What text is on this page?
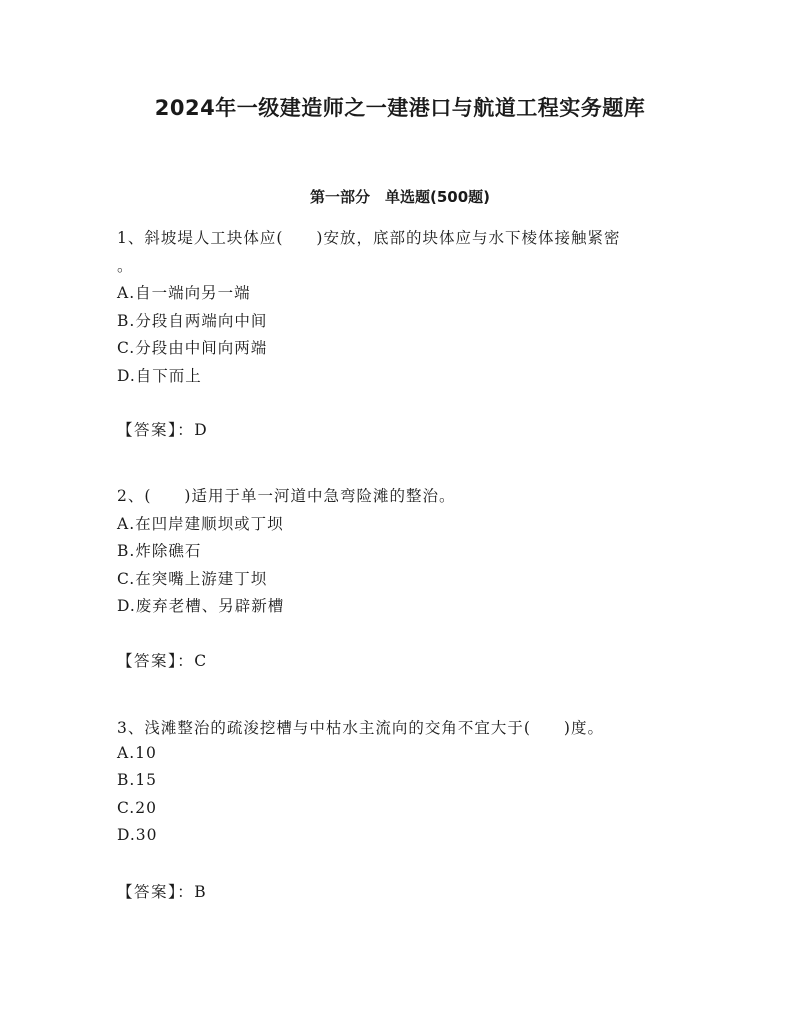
2024年一级建造师之一建港口与航道工程实务题库
第一部分　单选题(500题)
1、斜坡堤人工块体应(　　)安放，底部的块体应与水下棱体接触紧密
。
A.自一端向另一端
B.分段自两端向中间
C.分段由中间向两端
D.自下而上
【答案】：D
2、(　　)适用于单一河道中急弯险滩的整治。
A.在凹岸建顺坝或丁坝
B.炸除礁石
C.在突嘴上游建丁坝
D.废弃老槽、另辟新槽
【答案】：C
3、浅滩整治的疏浚挖槽与中枯水主流向的交角不宜大于(　　)度。
A.10
B.15
C.20
D.30
【答案】：B
